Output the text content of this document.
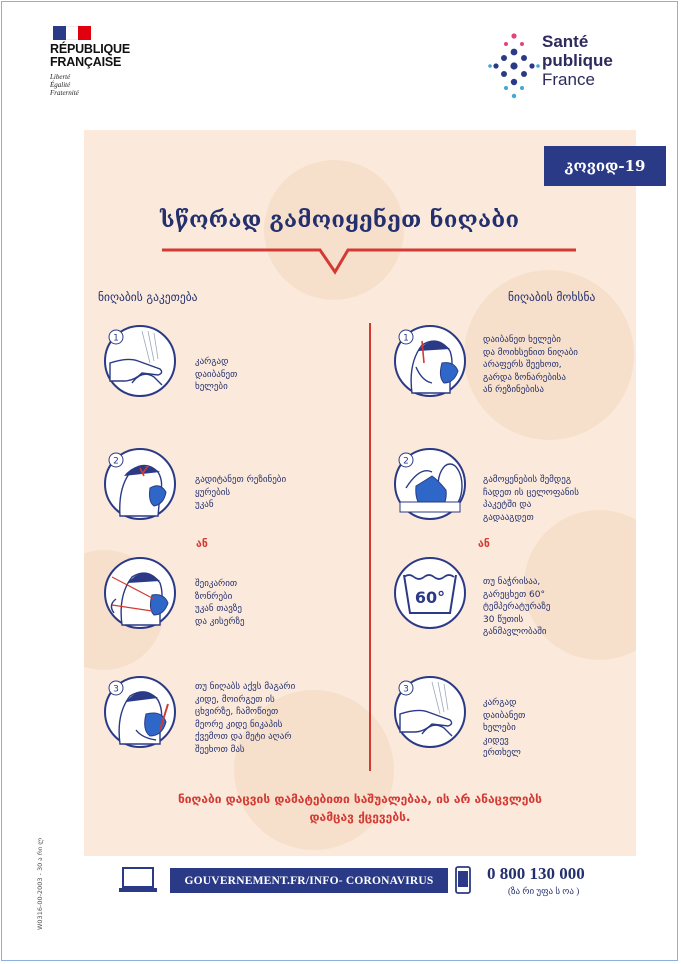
RÉPUBLIQUE
FRANÇAISE
Liberté
Égalité
Fraternité
Santé
publique
France
კოვიდ-19
სწორად გამოიყენეთ ნიღაბი
ნიღაბის გაკეთება	ნიღაბის მოხსნა
1
კარგად
დაიბანეთ
ხელები
2
გადიტანეთ რეზინები
ყურების
უკან
ან
შეიკარით
ზონრები
უკან თავზე
და კისერზე
3	თუ ნიღაბს აქვს მაგარი
კიდე, მოირგეთ ის
ცხვირზე, ჩამოწიეთ
მეორე კიდე ნიკაპის
ქვემოთ და მეტი აღარ
შეეხოთ მას
1	დაიბანეთ ხელები
და მოიხსენით ნიღაბი
არაფერს შეეხოთ,
გარდა ზონარებისა
ან რეზინებისა
2
გამოყენების შემდეგ
ჩადეთ ის ცელოფანის
პაკეტში და
გადააგდეთ
ან
60°
თუ ნაჭრისაა,
გარეცხეთ 60°
ტემპერატურაზე
30 წუთის
განმავლობაში
3
კარგად
დაიბანეთ
ხელები
კიდევ
ერთხელ
ნიღაბი დაცვის დამატებითი საშუალებაა, ის არ ანაცვლებს
დამცავ ქცევებს.
GOUVERNEMENT.FR/INFO- CORONAVIRUS	0 800 130 000
(ზა რი უფა ს ოა )
W0316-00-2003 - 30 ა რი ლ
